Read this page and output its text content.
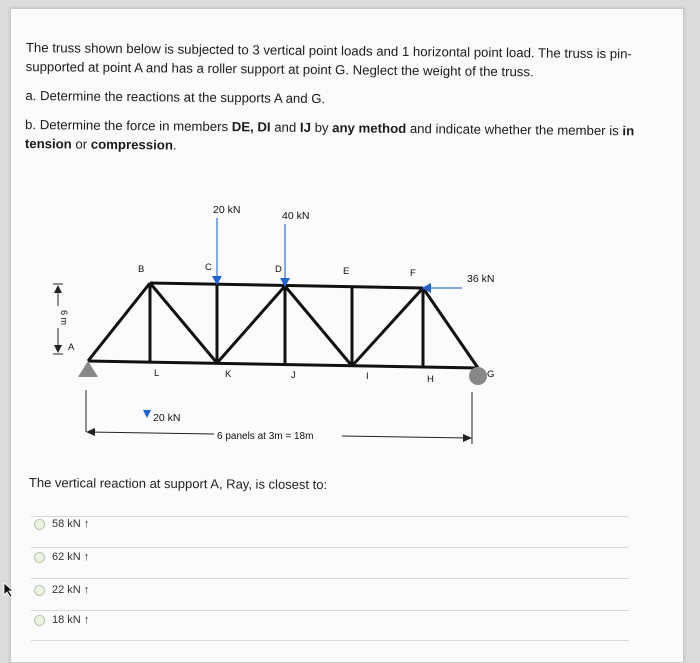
The truss shown below is subjected to 3 vertical point loads and 1 horizontal point load. The truss is pin-supported at point A and has a roller support at point G. Neglect the weight of the truss.

a. Determine the reactions at the supports A and G.

b. Determine the force in members DE, DI and IJ by any method and indicate whether the member is in tension or compression.

20 kN	40 kN
36 kN
20 kN
A
B	C	D	E	F
G
H
I
J
K
L
6 m
6 panels at 3m = 18m
The vertical reaction at support A, Ray, is closest to:
58 kN ↑
62 kN ↑
22 kN ↑
18 kN ↑
